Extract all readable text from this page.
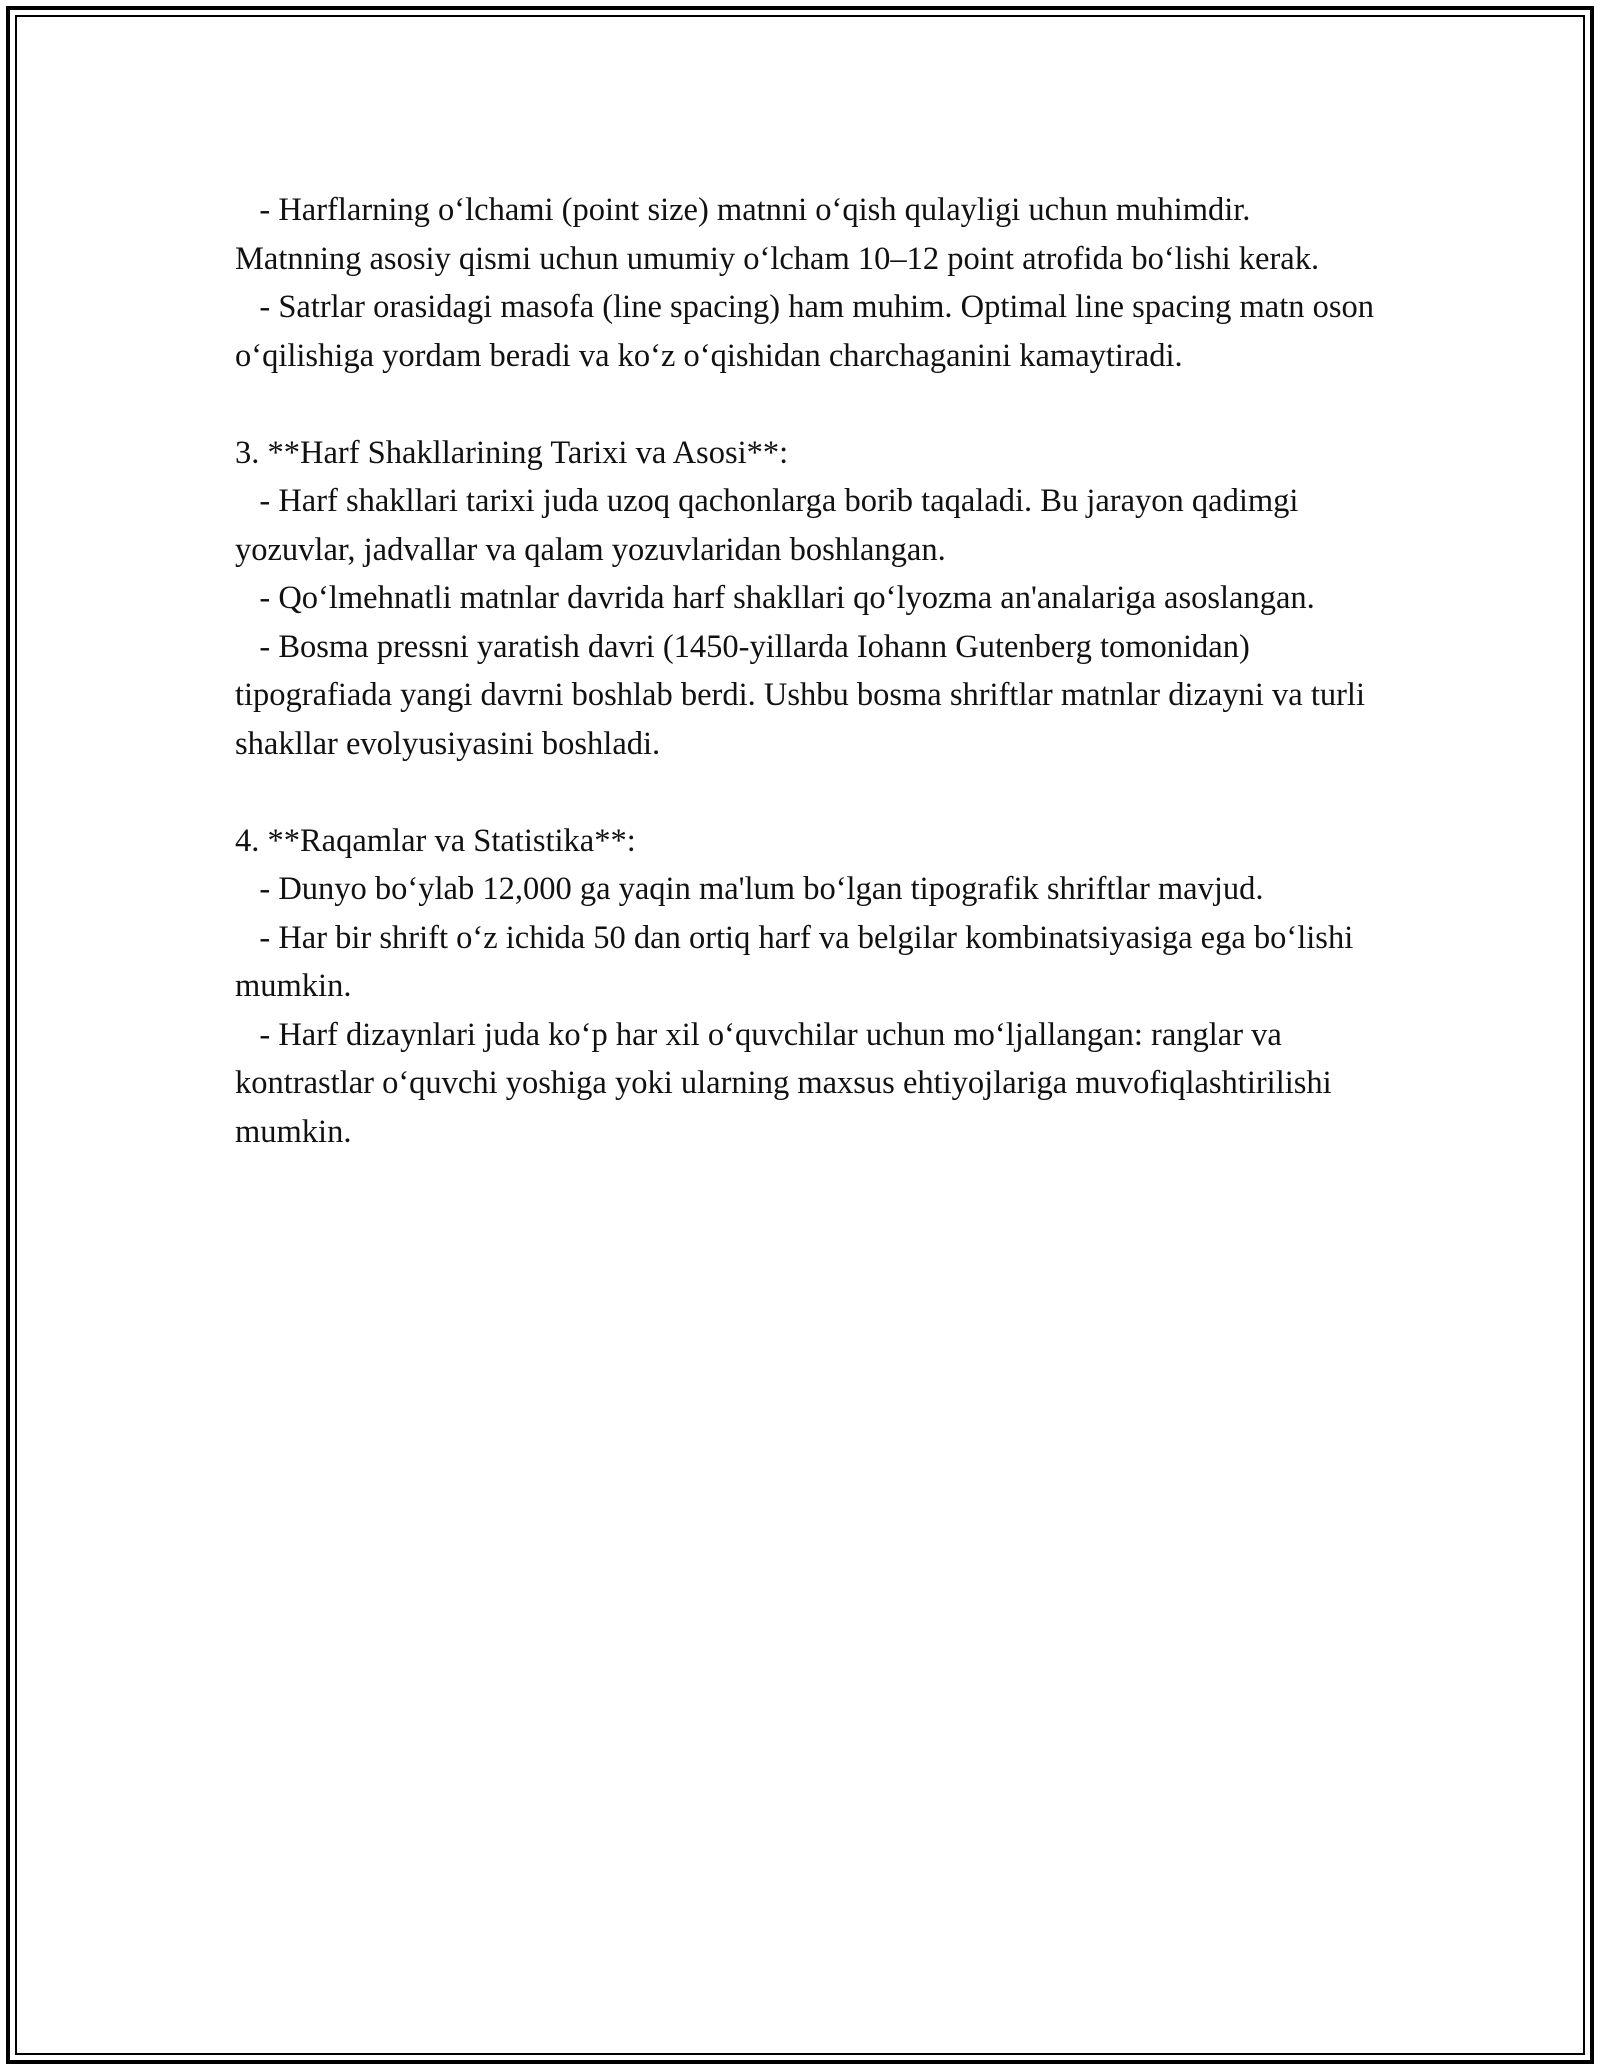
- Harflarning o‘lchami (point size) matnni o‘qish qulayligi uchun muhimdir. Matnning asosiy qismi uchun umumiy o‘lcham 10–12 point atrofida bo‘lishi kerak.

- Satrlar orasidagi masofa (line spacing) ham muhim. Optimal line spacing matn oson o‘qilishiga yordam beradi va ko‘z o‘qishidan charchaganini kamaytiradi.

3. **Harf Shakllarining Tarixi va Asosi**:

- Harf shakllari tarixi juda uzoq qachonlarga borib taqaladi. Bu jarayon qadimgi yozuvlar, jadvallar va qalam yozuvlaridan boshlangan.

- Qo‘lmehnatli matnlar davrida harf shakllari qo‘lyozma an'analariga asoslangan.

- Bosma pressni yaratish davri (1450-yillarda Iohann Gutenberg tomonidan) tipografiada yangi davrni boshlab berdi. Ushbu bosma shriftlar matnlar dizayni va turli shakllar evolyusiyasini boshladi.

4. **Raqamlar va Statistika**:

- Dunyo bo‘ylab 12,000 ga yaqin ma'lum bo‘lgan tipografik shriftlar mavjud.

- Har bir shrift o‘z ichida 50 dan ortiq harf va belgilar kombinatsiyasiga ega bo‘lishi mumkin.

- Harf dizaynlari juda ko‘p har xil o‘quvchilar uchun mo‘ljallangan: ranglar va kontrastlar o‘quvchi yoshiga yoki ularning maxsus ehtiyojlariga muvofiqlashtirilishi mumkin.
